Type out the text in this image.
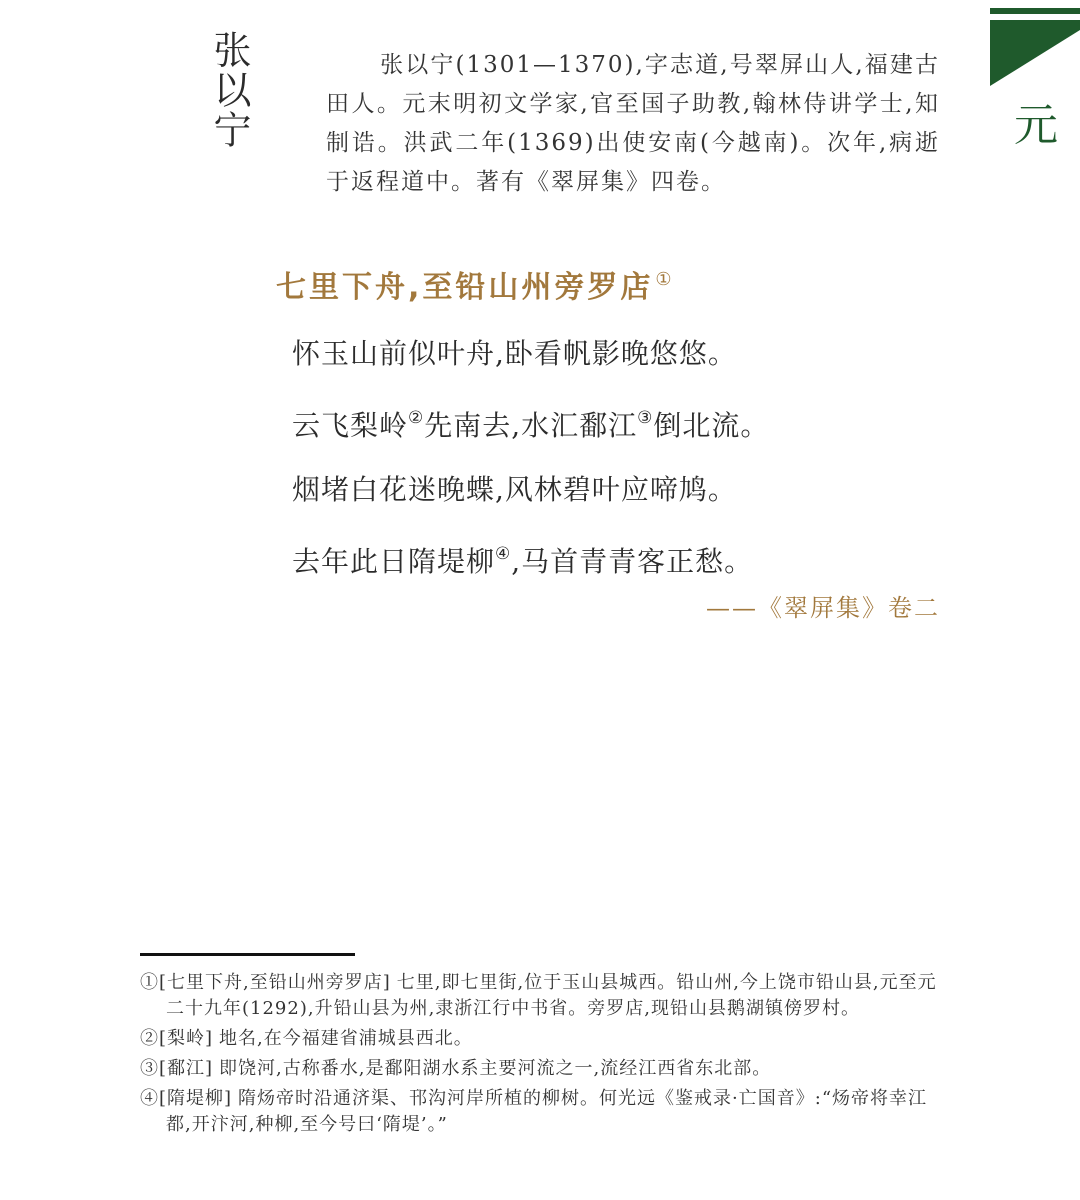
元
张以宁	张以宁(1301—1370),字志道,号翠屏山人,福建古田人。元末明初文学家,官至国子助教,翰林侍讲学士,知制诰。洪武二年(1369)出使安南(今越南)。次年,病逝于返程道中。著有《翠屏集》四卷。
七里下舟,至铅山州旁罗店 ①
怀玉山前似叶舟,卧看帆影晚悠悠。
云飞梨岭②先南去,水汇鄱江③倒北流。
烟堵白花迷晚蝶,风林碧叶应啼鸠。
去年此日隋堤柳④,马首青青客正愁。
——《翠屏集》卷二
①[七里下舟,至铅山州旁罗店] 七里,即七里街,位于玉山县城西。铅山州,今上饶市铅山县,元至元二十九年(1292),升铅山县为州,隶浙江行中书省。旁罗店,现铅山县鹅湖镇傍罗村。
②[梨岭] 地名,在今福建省浦城县西北。
③[鄱江] 即饶河,古称番水,是鄱阳湖水系主要河流之一,流经江西省东北部。
④[隋堤柳] 隋炀帝时沿通济渠、邗沟河岸所植的柳树。何光远《鉴戒录·亡国音》:“炀帝将幸江都,开汴河,种柳,至今号曰‘隋堤’。”
